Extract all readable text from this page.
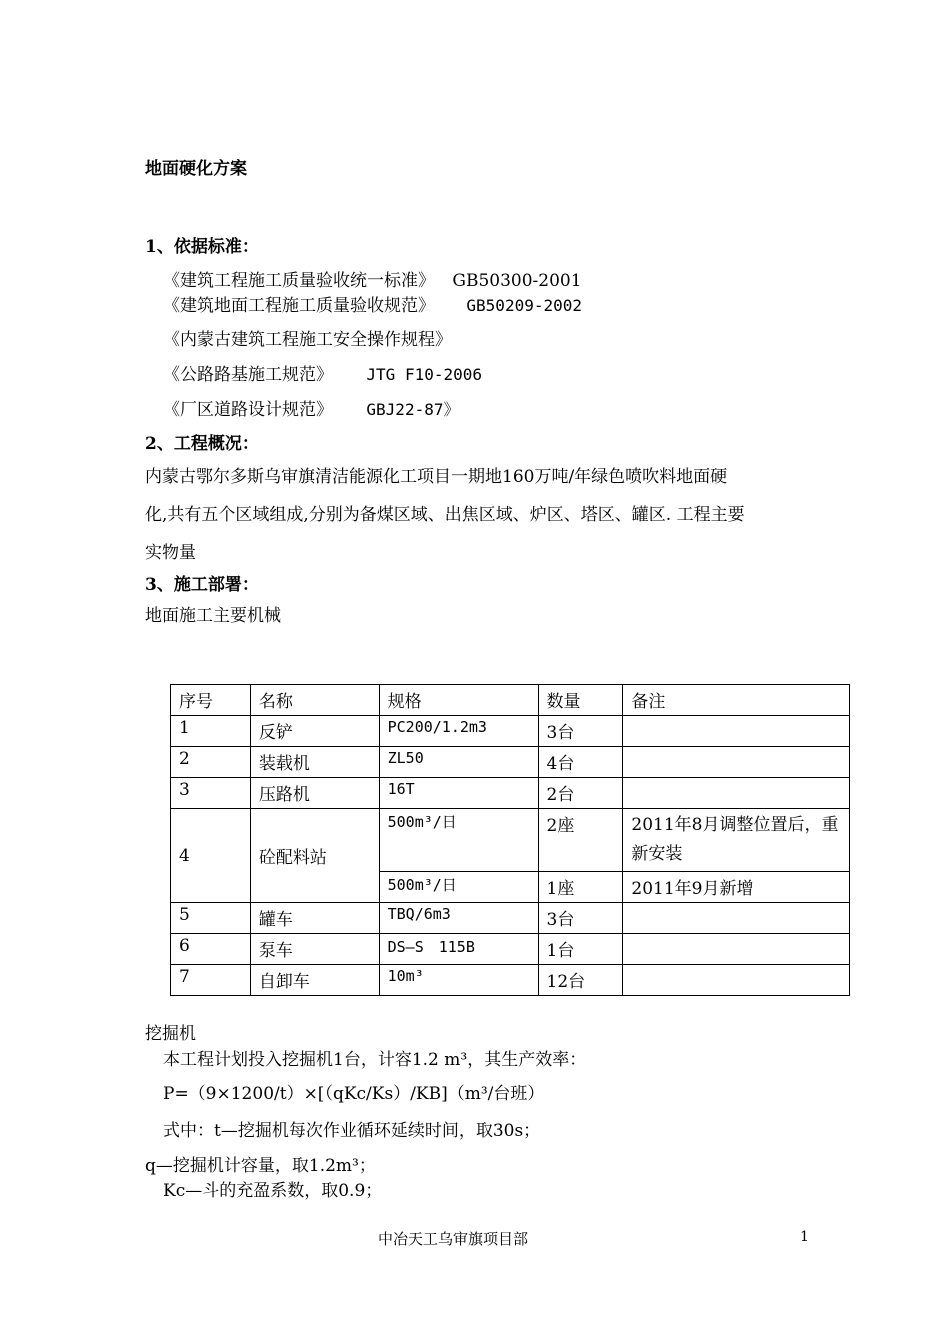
地面硬化方案
1、依据标准：
《建筑工程施工质量验收统一标准》 GB50300-2001
《建筑地面工程施工质量验收规范》 GB50209-2002
《内蒙古建筑工程施工安全操作规程》
《公路路基施工规范》 JTG F10-2006
《厂区道路设计规范》 GBJ22-87》
2、工程概况：
内蒙古鄂尔多斯乌审旗清洁能源化工项目一期地160万吨/年绿色喷吹料地面硬
化,共有五个区域组成,分别为备煤区域、出焦区域、炉区、塔区、罐区. 工程主要
实物量
3、施工部署：
地面施工主要机械
序号	名称	规格	数量	备注
1	反铲	PC200/1.2m3	3台	
2	装载机	ZL50	4台	
3	压路机	16T	2台	
4	砼配料站	500m³/日	2座	2011年8月调整位置后，重新安装
		500m³/日	1座	2011年9月新增
5	罐车	TBQ/6m3	3台	
6	泵车	DS—S　115B	1台	
7	自卸车	10m³	12台	
挖掘机
本工程计划投入挖掘机1台，计容1.2 m³，其生产效率：
P=（9×1200/t）×[（qKc/Ks）/KB]（m³/台班）
式中：t—挖掘机每次作业循环延续时间，取30s；
q—挖掘机计容量，取1.2m³；
Kc—斗的充盈系数，取0.9；
中冶天工乌审旗项目部	1
